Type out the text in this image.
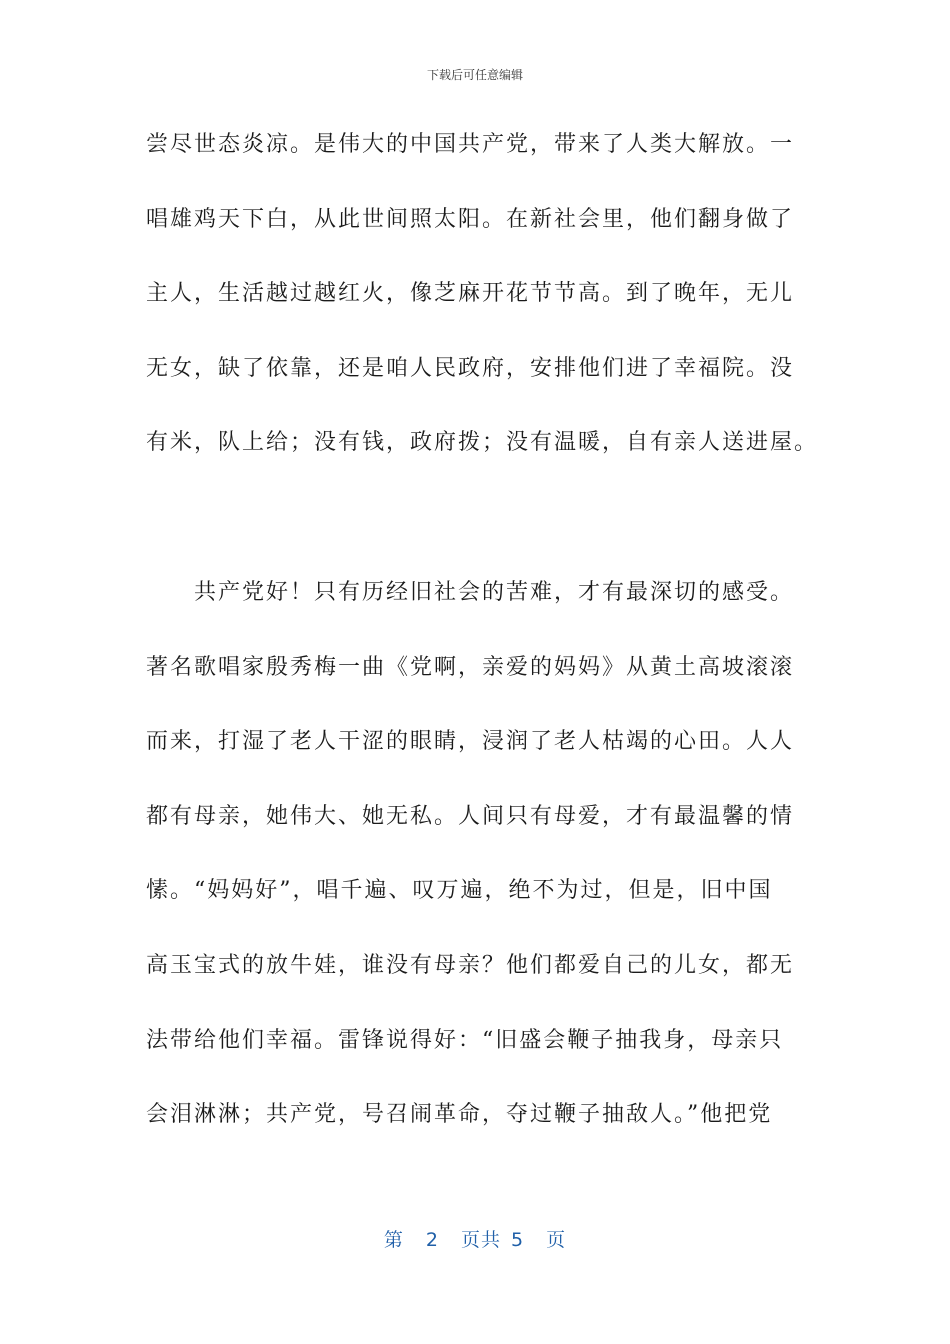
下载后可任意编辑
尝尽世态炎凉。是伟大的中国共产党，带来了人类大解放。一
唱雄鸡天下白，从此世间照太阳。在新社会里，他们翻身做了
主人，生活越过越红火，像芝麻开花节节高。到了晚年，无儿
无女，缺了依靠，还是咱人民政府，安排他们进了幸福院。没
有米，队上给；没有钱，政府拨；没有温暖，自有亲人送进屋。
　　共产党好！只有历经旧社会的苦难，才有最深切的感受。
著名歌唱家殷秀梅一曲《党啊，亲爱的妈妈》从黄土高坡滚滚
而来，打湿了老人干涩的眼睛，浸润了老人枯竭的心田。人人
都有母亲，她伟大、她无私。人间只有母爱，才有最温馨的情
愫。“妈妈好”，唱千遍、叹万遍，绝不为过，但是，旧中国
高玉宝式的放牛娃，谁没有母亲？他们都爱自己的儿女，都无
法带给他们幸福。雷锋说得好：“旧盛会鞭子抽我身，母亲只
会泪淋淋；共产党，号召闹革命，夺过鞭子抽敌人。”他把党
第 2 页共 5 页
